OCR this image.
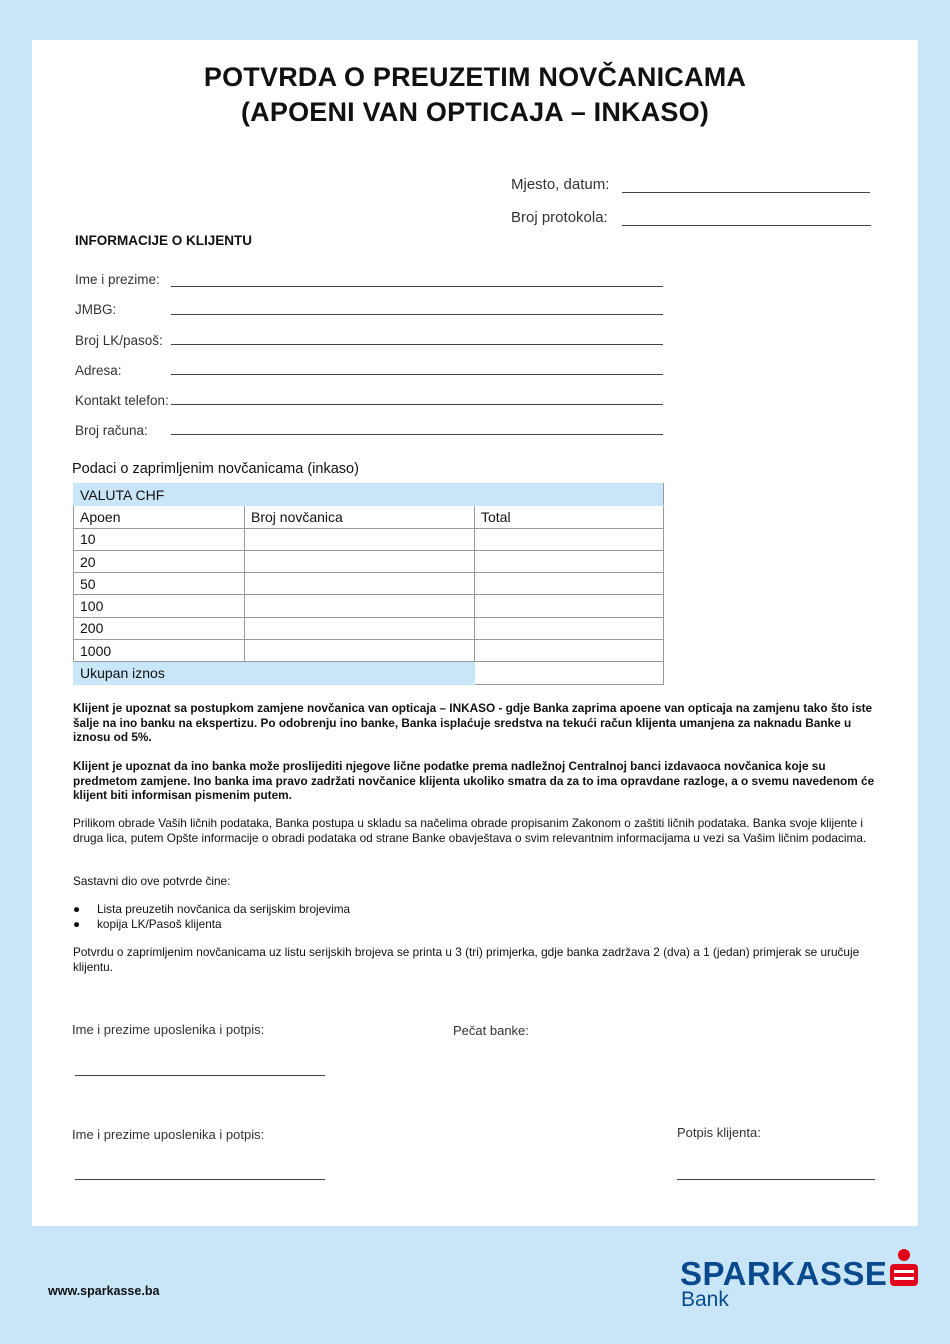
POTVRDA O PREUZETIM NOVČANICAMA
(APOENI VAN OPTICAJA – INKASO)
Mjesto, datum:
Broj protokola:
INFORMACIJE O KLIJENTU
Ime i prezime:
JMBG:
Broj LK/pasoš:
Adresa:
Kontakt telefon:
Broj računa:
Podaci o zaprimljenim novčanicama (inkaso)
VALUTA CHF		
Apoen	Broj novčanica	Total
10		
20		
50		
100		
200		
1000		
Ukupan iznos		
Klijent je upoznat sa postupkom zamjene novčanica van opticaja – INKASO - gdje Banka zaprima apoene van opticaja na zamjenu tako što iste šalje na ino banku na ekspertizu. Po odobrenju ino banke, Banka isplaćuje sredstva na tekući račun klijenta umanjena za naknadu Banke u iznosu od 5%.
Klijent je upoznat da ino banka može proslijediti njegove lične podatke prema nadležnoj Centralnoj banci izdavaoca novčanica koje su predmetom zamjene. Ino banka ima pravo zadržati novčanice klijenta ukoliko smatra da za to ima opravdane razloge, a o svemu navedenom će klijent biti informisan pismenim putem.
Prilikom obrade Vaših ličnih podataka, Banka postupa u skladu sa načelima obrade propisanim Zakonom o zaštiti ličnih podataka. Banka svoje klijente i druga lica, putem Opšte informacije o obradi podataka od strane Banke obavještava o svim relevantnim informacijama u vezi sa Vašim ličnim podacima.
Sastavni dio ove potvrde čine:
● Lista preuzetih novčanica da serijskim brojevima
● kopija LK/Pasoš klijenta
Potvrdu o zaprimljenim novčanicama uz listu serijskih brojeva se printa u 3 (tri) primjerka, gdje banka zadržava 2 (dva) a 1 (jedan) primjerak se uručuje klijentu.
Ime i prezime uposlenika i potpis:	Pečat banke:
Ime i prezime uposlenika i potpis:	Potpis klijenta:
www.sparkasse.ba	SPARKASSE
Bank
